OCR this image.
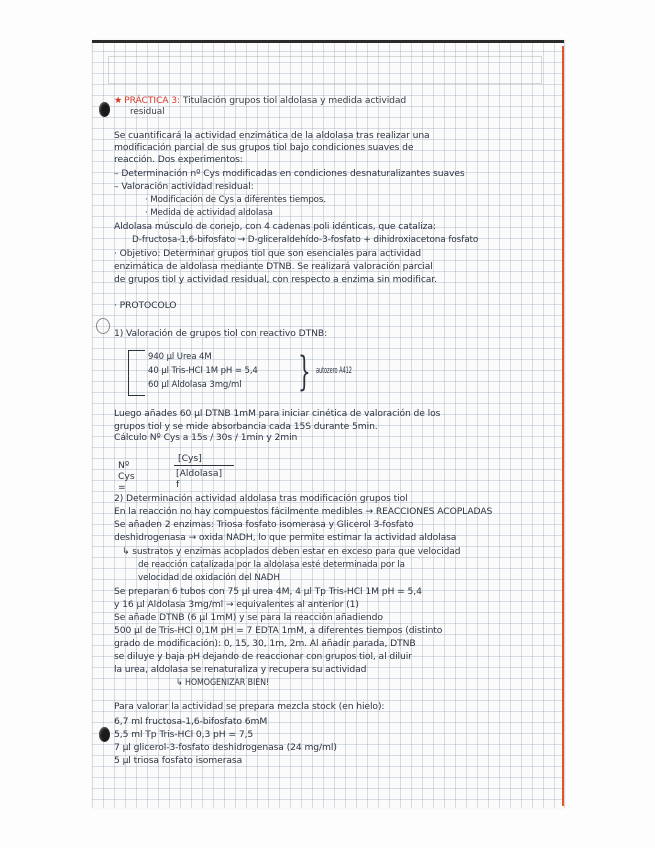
★ PRÁCTICA 3: Titulación grupos tiol aldolasa y medida actividad
residual
Se cuantificará la actividad enzimática de la aldolasa tras realizar una
modificación parcial de sus grupos tiol bajo condiciones suaves de
reacción. Dos experimentos:
– Determinación nº Cys modificadas en condiciones desnaturalizantes suaves
– Valoración actividad residual:
· Modificación de Cys a diferentes tiempos.
· Medida de actividad aldolasa
Aldolasa músculo de conejo, con 4 cadenas poli idénticas, que cataliza:
D-fructosa-1,6-bifosfato → D-gliceraldehído-3-fosfato + dihidroxiacetona fosfato
· Objetivo: Determinar grupos tiol que son esenciales para actividad
enzimática de aldolasa mediante DTNB. Se realizará valoración parcial
de grupos tiol y actividad residual, con respecto a enzima sin modificar.
· PROTOCOLO
1) Valoración de grupos tiol con reactivo DTNB:
940 µl Urea 4M
40 µl Tris-HCl 1M pH = 5,4
60 µl Aldolasa 3mg/ml	} autozero A412
Luego añades 60 µl DTNB 1mM para iniciar cinética de valoración de los
grupos tiol y se mide absorbancia cada 15S durante 5min.
Cálculo Nº Cys a 15s / 30s / 1min y 2min
Nº Cys =
[Cys]
[Aldolasa] f
2) Determinación actividad aldolasa tras modificación grupos tiol
En la reacción no hay compuestos fácilmente medibles → REACCIONES ACOPLADAS
Se añaden 2 enzimas: Triosa fosfato isomerasa y Glicerol 3-fosfato
deshidrogenasa → oxida NADH, lo que permite estimar la actividad aldolasa
↳ sustratos y enzimas acoplados deben estar en exceso para que velocidad
de reacción catalizada por la aldolasa esté determinada por la
velocidad de oxidación del NADH
Se preparan 6 tubos con 75 µl urea 4M, 4 µl Tp Tris-HCl 1M pH = 5,4
y 16 µl Aldolasa 3mg/ml → equivalentes al anterior (1)
Se añade DTNB (6 µl 1mM) y se para la reacción añadiendo
500 µl de Tris-HCl 0,1M pH = 7 EDTA 1mM, a diferentes tiempos (distinto
grado de modificación): 0, 15, 30, 1m, 2m. Al añadir parada, DTNB
se diluye y baja pH dejando de reaccionar con grupos tiol, al diluir
la urea, aldolasa se renaturaliza y recupera su actividad
↳ HOMOGENIZAR BIEN!
Para valorar la actividad se prepara mezcla stock (en hielo):
6,7 ml fructosa-1,6-bifosfato 6mM
5,5 ml Tp Tris-HCl 0,3 pH = 7,5
7 µl glicerol-3-fosfato deshidrogenasa (24 mg/ml)
5 µl triosa fosfato isomerasa
